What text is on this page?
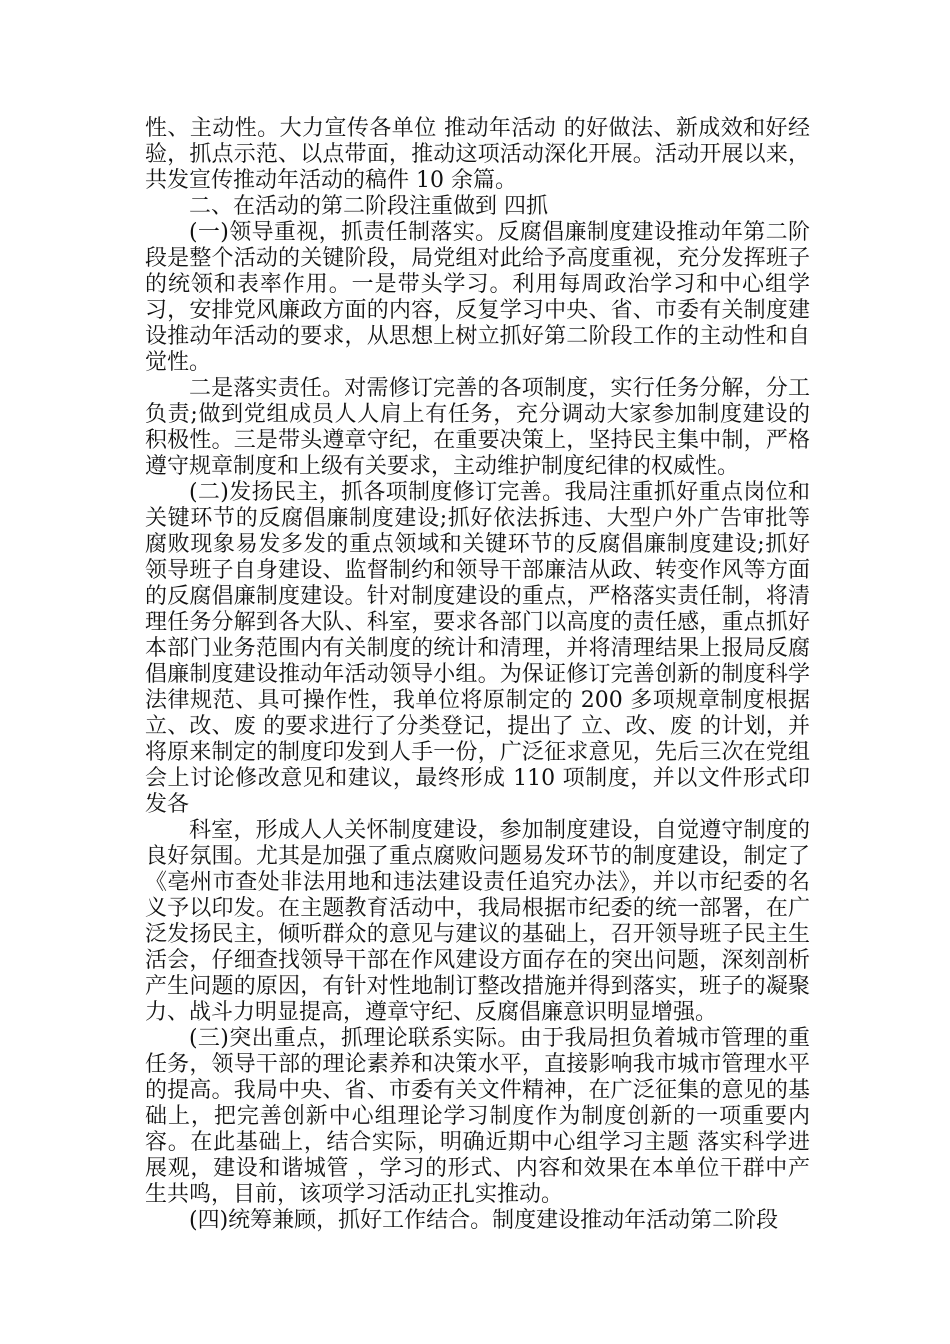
性、主动性。大力宣传各单位 推动年活动 的好做法、新成效和好经验，抓点示范、以点带面，推动这项活动深化开展。活动开展以来，共发宣传推动年活动的稿件 10 余篇。

二、在活动的第二阶段注重做到 四抓

(一)领导重视，抓责任制落实。反腐倡廉制度建设推动年第二阶段是整个活动的关键阶段，局党组对此给予高度重视，充分发挥班子的统领和表率作用。一是带头学习。利用每周政治学习和中心组学习，安排党风廉政方面的内容，反复学习中央、省、市委有关制度建设推动年活动的要求，从思想上树立抓好第二阶段工作的主动性和自觉性。

二是落实责任。对需修订完善的各项制度，实行任务分解，分工负责;做到党组成员人人肩上有任务，充分调动大家参加制度建设的积极性。三是带头遵章守纪，在重要决策上，坚持民主集中制，严格遵守规章制度和上级有关要求，主动维护制度纪律的权威性。

(二)发扬民主，抓各项制度修订完善。我局注重抓好重点岗位和关键环节的反腐倡廉制度建设;抓好依法拆违、大型户外广告审批等腐败现象易发多发的重点领域和关键环节的反腐倡廉制度建设;抓好领导班子自身建设、监督制约和领导干部廉洁从政、转变作风等方面的反腐倡廉制度建设。针对制度建设的重点，严格落实责任制，将清理任务分解到各大队、科室，要求各部门以高度的责任感，重点抓好本部门业务范围内有关制度的统计和清理，并将清理结果上报局反腐倡廉制度建设推动年活动领导小组。为保证修订完善创新的制度科学法律规范、具可操作性，我单位将原制定的 200 多项规章制度根据 立、改、废 的要求进行了分类登记，提出了 立、改、废 的计划，并将原来制定的制度印发到人手一份，广泛征求意见，先后三次在党组会上讨论修改意见和建议，最终形成 110 项制度，并以文件形式印发各

科室，形成人人关怀制度建设，参加制度建设，自觉遵守制度的良好氛围。尤其是加强了重点腐败问题易发环节的制度建设，制定了《亳州市查处非法用地和违法建设责任追究办法》，并以市纪委的名义予以印发。在主题教育活动中，我局根据市纪委的统一部署，在广泛发扬民主，倾听群众的意见与建议的基础上，召开领导班子民主生活会，仔细查找领导干部在作风建设方面存在的突出问题，深刻剖析产生问题的原因，有针对性地制订整改措施并得到落实，班子的凝聚力、战斗力明显提高，遵章守纪、反腐倡廉意识明显增强。

(三)突出重点，抓理论联系实际。由于我局担负着城市管理的重任务，领导干部的理论素养和决策水平，直接影响我市城市管理水平的提高。我局中央、省、市委有关文件精神，在广泛征集的意见的基础上，把完善创新中心组理论学习制度作为制度创新的一项重要内容。在此基础上，结合实际，明确近期中心组学习主题 落实科学进展观，建设和谐城管 ，学习的形式、内容和效果在本单位干群中产生共鸣，目前，该项学习活动正扎实推动。

(四)统筹兼顾，抓好工作结合。制度建设推动年活动第二阶段
